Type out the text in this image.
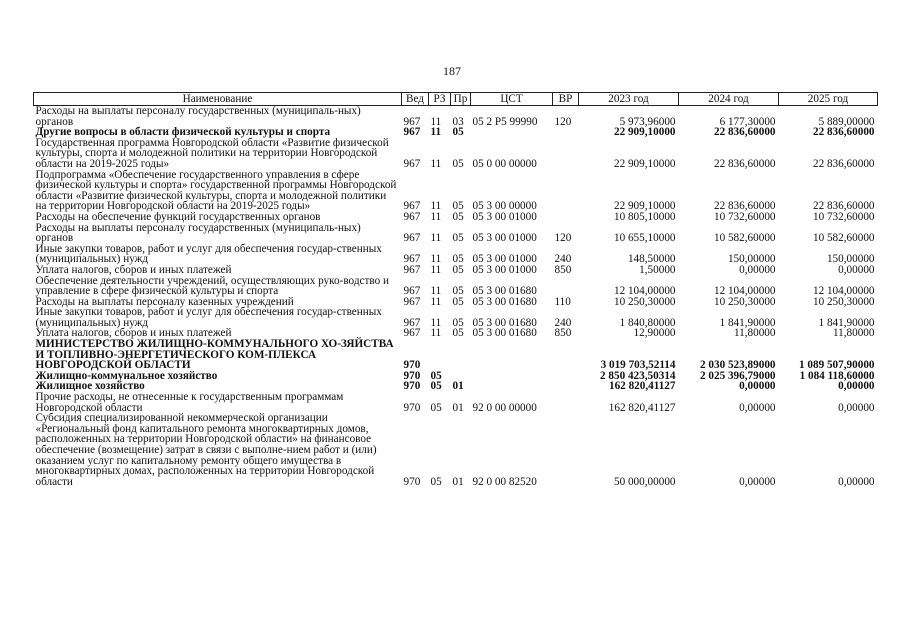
187
Наименование	Вед	РЗ	Пр	ЦСТ	ВР	2023 год	2024 год	2025 год
Расходы на выплаты персоналу государственных (муниципаль-ных) органов	967	11	03	05 2 Р5 99990	120	5 973,96000	6 177,30000	5 889,00000
Другие вопросы в области физической культуры и спорта	967	11	05			22 909,10000	22 836,60000	22 836,60000
Государственная программа Новгородской области «Развитие физической культуры, спорта и молодежной политики на территории Новгородской области на 2019-2025 годы»	967	11	05	05 0 00 00000		22 909,10000	22 836,60000	22 836,60000
Подпрограмма «Обеспечение государственного управления в сфере физической культуры и спорта» государственной программы Новгородской области «Развитие физической культуры, спорта и молодежной политики на территории Новгородской области на 2019-2025 годы»	967	11	05	05 3 00 00000		22 909,10000	22 836,60000	22 836,60000
Расходы на обеспечение функций государственных органов	967	11	05	05 3 00 01000		10 805,10000	10 732,60000	10 732,60000
Расходы на выплаты персоналу государственных (муниципаль-ных) органов	967	11	05	05 3 00 01000	120	10 655,10000	10 582,60000	10 582,60000
Иные закупки товаров, работ и услуг для обеспечения государ-ственных (муниципальных) нужд	967	11	05	05 3 00 01000	240	148,50000	150,00000	150,00000
Уплата налогов, сборов и иных платежей	967	11	05	05 3 00 01000	850	1,50000	0,00000	0,00000
Обеспечение деятельности учреждений, осуществляющих руко-водство и управление в сфере физической культуры и спорта	967	11	05	05 3 00 01680		12 104,00000	12 104,00000	12 104,00000
Расходы на выплаты персоналу казенных учреждений	967	11	05	05 3 00 01680	110	10 250,30000	10 250,30000	10 250,30000
Иные закупки товаров, работ и услуг для обеспечения государ-ственных (муниципальных) нужд	967	11	05	05 3 00 01680	240	1 840,80000	1 841,90000	1 841,90000
Уплата налогов, сборов и иных платежей	967	11	05	05 3 00 01680	850	12,90000	11,80000	11,80000
МИНИСТЕРСТВО ЖИЛИЩНО-КОММУНАЛЬНОГО ХО-ЗЯЙСТВА И ТОПЛИВНО-ЭНЕРГЕТИЧЕСКОГО КОМ-ПЛЕКСА НОВГОРОДСКОЙ ОБЛАСТИ	970					3 019 703,52114	2 030 523,89000	1 089 507,90000
Жилищно-коммунальное хозяйство	970	05				2 850 423,50314	2 025 396,79000	1 084 118,60000
Жилищное хозяйство	970	05	01			162 820,41127	0,00000	0,00000
Прочие расходы, не отнесенные к государственным программам Новгородской области	970	05	01	92 0 00 00000		162 820,41127	0,00000	0,00000
Субсидия специализированной некоммерческой организации «Региональный фонд капитального ремонта многоквартирных домов, расположенных на территории Новгородской области» на финансовое обеспечение (возмещение) затрат в связи с выполне-нием работ и (или) оказанием услуг по капитальному ремонту общего имущества в многоквартирных домах, расположенных на территории Новгородской области	970	05	01	92 0 00 82520		50 000,00000	0,00000	0,00000
